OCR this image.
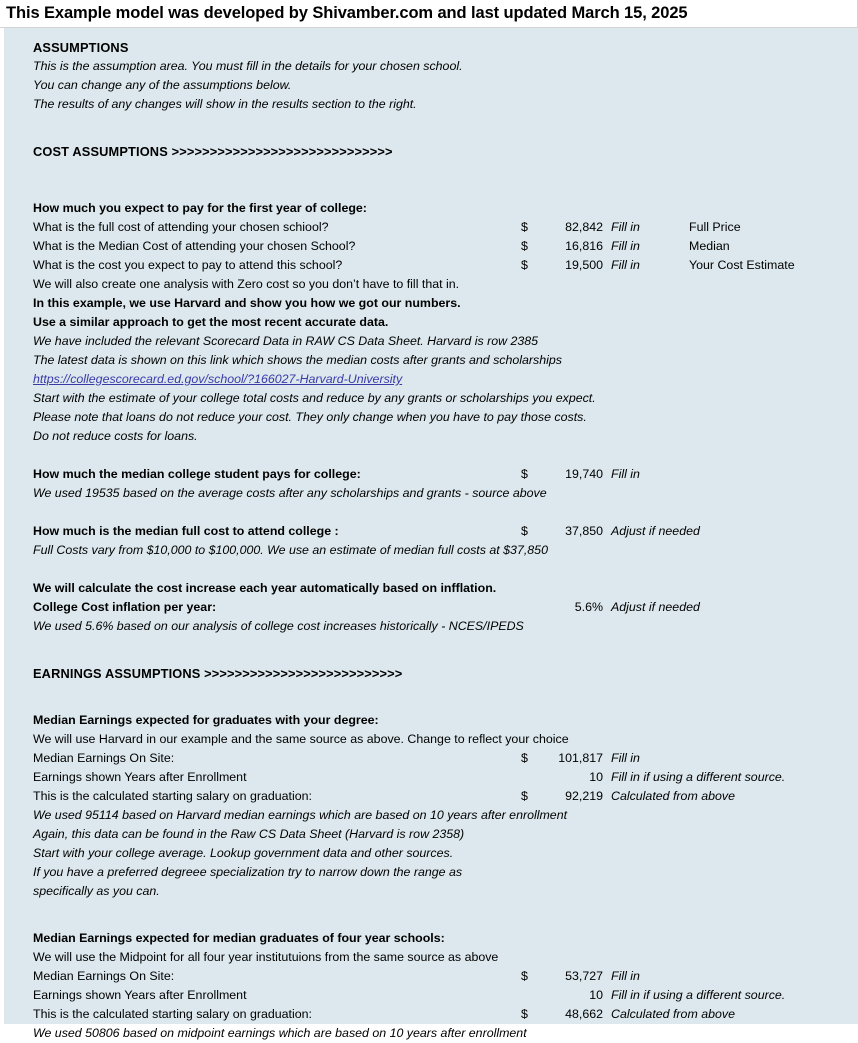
This Example model was developed by Shivamber.com and last updated March 15, 2025
ASSUMPTIONS
This is the assumption area. You must fill in the details for your chosen school.
You can change any of the assumptions below.
The results of any changes will show in the results section to the right.
COST ASSUMPTIONS >>>>>>>>>>>>>>>>>>>>>>>>>>>>>
How much you expect to pay for the first year of college:
What is the full cost of attending your chosen schiool?	$	82,842 Fill in	Full Price
What is the Median Cost of attending your chosen School?	$	16,816 Fill in	Median
What is the cost you expect to pay to attend this school?	$	19,500 Fill in	Your Cost Estimate
We will also create one analysis with Zero cost so you don’t have to fill that in.
In this example, we use Harvard and show you how we got our numbers.
Use a similar approach to get the most recent accurate data.
We have included the relevant Scorecard Data in RAW CS Data Sheet. Harvard is row 2385
The latest data is shown on this link which shows the median costs after grants and scholarships
https://collegescorecard.ed.gov/school/?166027-Harvard-University
Start with the estimate of your college total costs and reduce by any grants or scholarships you expect.
Please note that loans do not reduce your cost. They only change when you have to pay those costs.
Do not reduce costs for loans.
How much the median college student pays for college:	$	19,740 Fill in
We used 19535 based on the average costs after any scholarships and grants - source above
How much is the median full cost to attend college :	$	37,850 Adjust if needed
Full Costs vary from $10,000 to $100,000. We use an estimate of median full costs at $37,850
We will calculate the cost increase each year automatically based on infflation.
College Cost inflation per year:	5.6% Adjust if needed
We used 5.6% based on our analysis of college cost increases historically - NCES/IPEDS
EARNINGS ASSUMPTIONS >>>>>>>>>>>>>>>>>>>>>>>>>>
Median Earnings expected for graduates with your degree:
We will use Harvard in our example and the same source as above. Change to reflect your choice
Median Earnings On Site:	$	101,817 Fill in
Earnings shown Years after Enrollment	10 Fill in if using a different source.
This is the calculated starting salary on graduation:	$	92,219 Calculated from above
We used 95114 based on Harvard median earnings which are based on 10 years after enrollment
Again, this data can be found in the Raw CS Data Sheet (Harvard is row 2358)
Start with your college average. Lookup government data and other sources.
If you have a preferred degreee specialization try to narrow down the range as
specifically as you can.
Median Earnings expected for median graduates of four year schools:
We will use the Midpoint for all four year institutuions from the same source as above
Median Earnings On Site:	$	53,727 Fill in
Earnings shown Years after Enrollment	10 Fill in if using a different source.
This is the calculated starting salary on graduation:	$	48,662 Calculated from above
We used 50806 based on midpoint earnings which are based on 10 years after enrollment
